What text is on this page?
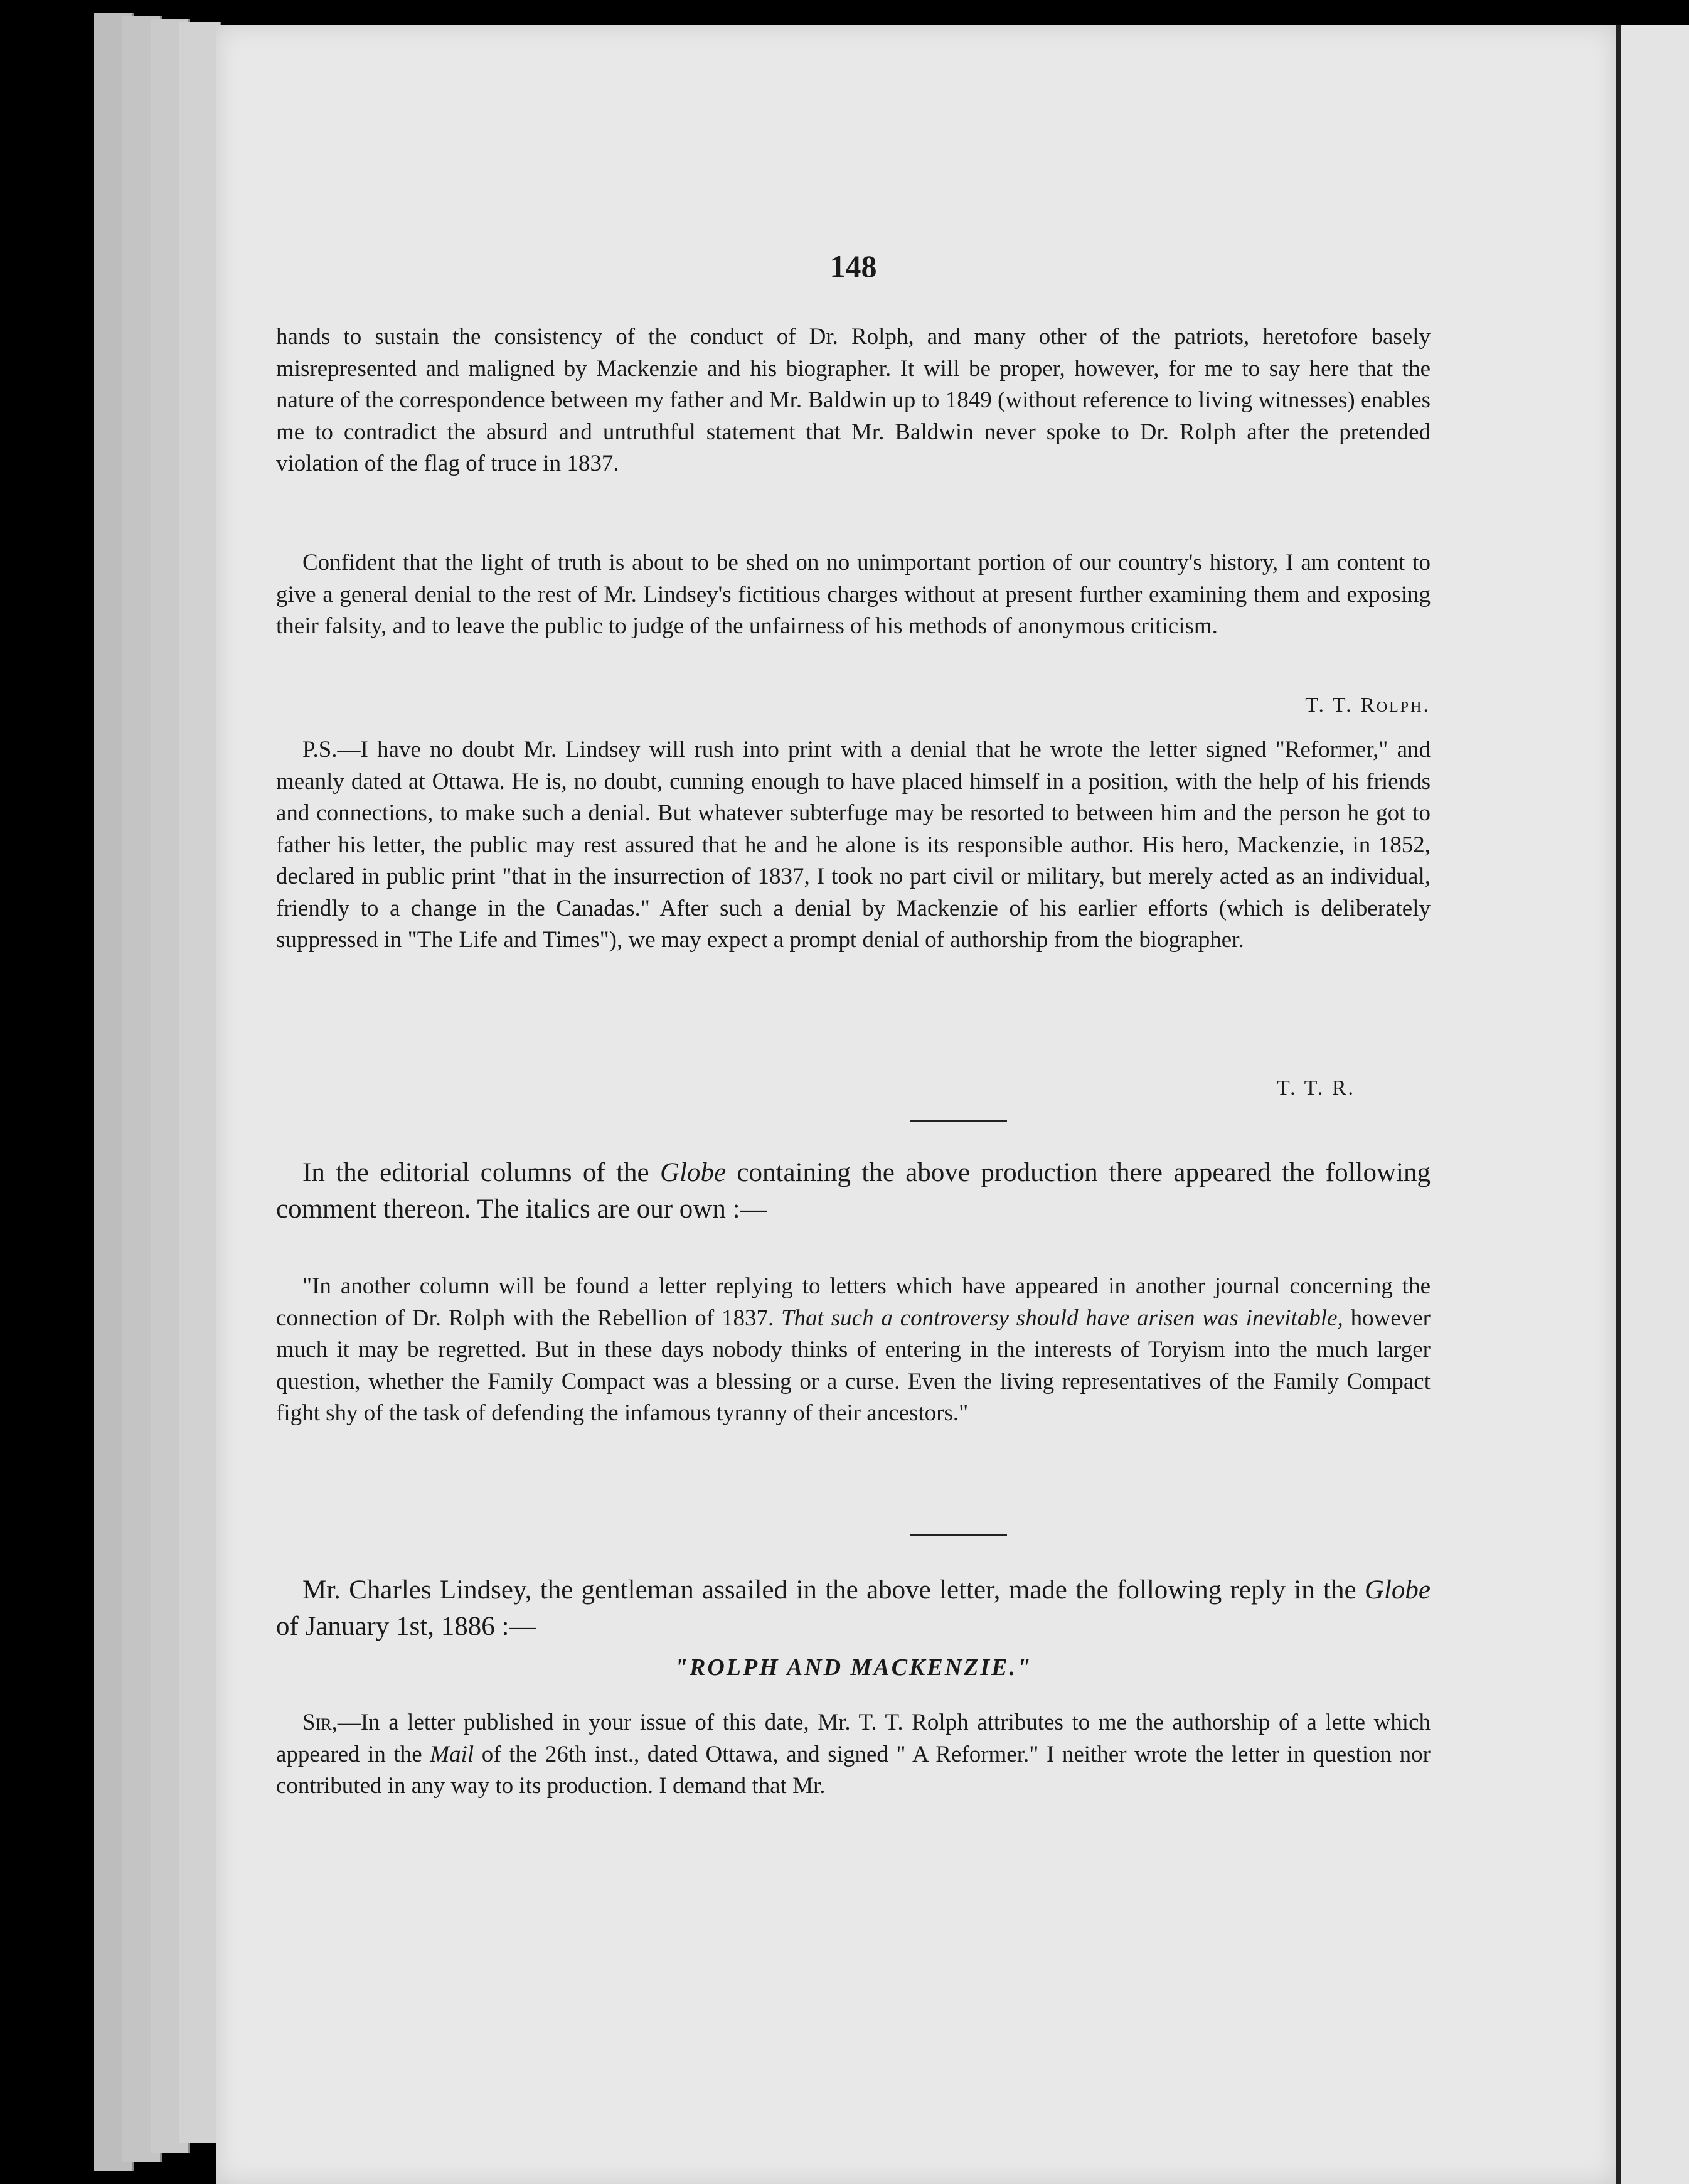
148

hands to sustain the consistency of the conduct of Dr. Rolph, and many other of the patriots, heretofore basely misrepresented and maligned by Mackenzie and his biographer. It will be proper, however, for me to say here that the nature of the correspondence between my father and Mr. Baldwin up to 1849 (without reference to living witnesses) enables me to contradict the absurd and untruthful statement that Mr. Baldwin never spoke to Dr. Rolph after the pretended violation of the flag of truce in 1837.

Confident that the light of truth is about to be shed on no unimportant portion of our country's history, I am content to give a general denial to the rest of Mr. Lindsey's fictitious charges without at present further examining them and exposing their falsity, and to leave the public to judge of the unfairness of his methods of anonymous criticism.

T. T. Rolph.

P.S.—I have no doubt Mr. Lindsey will rush into print with a denial that he wrote the letter signed "Reformer," and meanly dated at Ottawa. He is, no doubt, cunning enough to have placed himself in a position, with the help of his friends and connections, to make such a denial. But whatever subterfuge may be resorted to between him and the person he got to father his letter, the public may rest assured that he and he alone is its responsible author. His hero, Mackenzie, in 1852, declared in public print "that in the insurrection of 1837, I took no part civil or military, but merely acted as an individual, friendly to a change in the Canadas." After such a denial by Mackenzie of his earlier efforts (which is deliberately suppressed in "The Life and Times"), we may expect a prompt denial of authorship from the biographer.

T. T. R.

In the editorial columns of the Globe containing the above production there appeared the following comment thereon. The italics are our own :—

"In another column will be found a letter replying to letters which have appeared in another journal concerning the connection of Dr. Rolph with the Rebellion of 1837. That such a controversy should have arisen was inevitable, however much it may be regretted. But in these days nobody thinks of entering in the interests of Toryism into the much larger question, whether the Family Compact was a blessing or a curse. Even the living representatives of the Family Compact fight shy of the task of defending the infamous tyranny of their ancestors."

Mr. Charles Lindsey, the gentleman assailed in the above letter, made the following reply in the Globe of January 1st, 1886 :—

"ROLPH AND MACKENZIE."

Sir,—In a letter published in your issue of this date, Mr. T. T. Rolph attributes to me the authorship of a lette which appeared in the Mail of the 26th inst., dated Ottawa, and signed " A Reformer." I neither wrote the letter in question nor contributed in any way to its production. I demand that Mr.
